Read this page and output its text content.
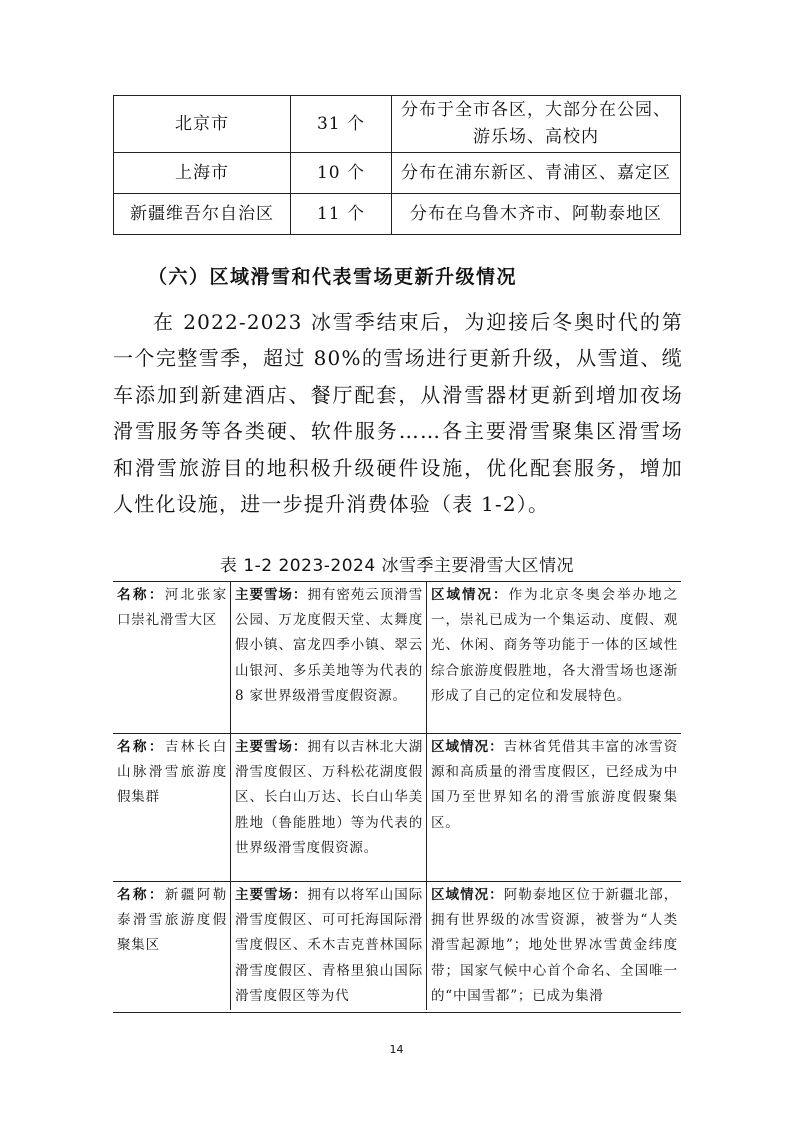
北京市	31 个	分布于全市各区，大部分在公园、游乐场、高校内
上海市	10 个	分布在浦东新区、青浦区、嘉定区
新疆维吾尔自治区	11 个	分布在乌鲁木齐市、阿勒泰地区
（六）区域滑雪和代表雪场更新升级情况

在 2022-2023 冰雪季结束后，为迎接后冬奥时代的第一个完整雪季，超过 80%的雪场进行更新升级，从雪道、缆车添加到新建酒店、餐厅配套，从滑雪器材更新到增加夜场滑雪服务等各类硬、软件服务……各主要滑雪聚集区滑雪场和滑雪旅游目的地积极升级硬件设施，优化配套服务，增加人性化设施，进一步提升消费体验（表 1-2）。

表 1-2 2023-2024 冰雪季主要滑雪大区情况
名称：河北张家口崇礼滑雪大区
主要雪场：拥有密苑云顶滑雪公园、万龙度假天堂、太舞度假小镇、富龙四季小镇、翠云山银河、多乐美地等为代表的 8 家世界级滑雪度假资源。
区域情况：作为北京冬奥会举办地之一，崇礼已成为一个集运动、度假、观光、休闲、商务等功能于一体的区域性综合旅游度假胜地，各大滑雪场也逐渐形成了自己的定位和发展特色。
名称：吉林长白山脉滑雪旅游度假集群
主要雪场：拥有以吉林北大湖滑雪度假区、万科松花湖度假区、长白山万达、长白山华美胜地（鲁能胜地）等为代表的世界级滑雪度假资源。
区域情况：吉林省凭借其丰富的冰雪资源和高质量的滑雪度假区，已经成为中国乃至世界知名的滑雪旅游度假聚集区。
名称：新疆阿勒泰滑雪旅游度假聚集区
主要雪场：拥有以将军山国际滑雪度假区、可可托海国际滑雪度假区、禾木吉克普林国际滑雪度假区、青格里狼山国际滑雪度假区等为代
区域情况：阿勒泰地区位于新疆北部，拥有世界级的冰雪资源，被誉为“人类滑雪起源地”；地处世界冰雪黄金纬度带；国家气候中心首个命名、全国唯一的“中国雪都”；已成为集滑
14
